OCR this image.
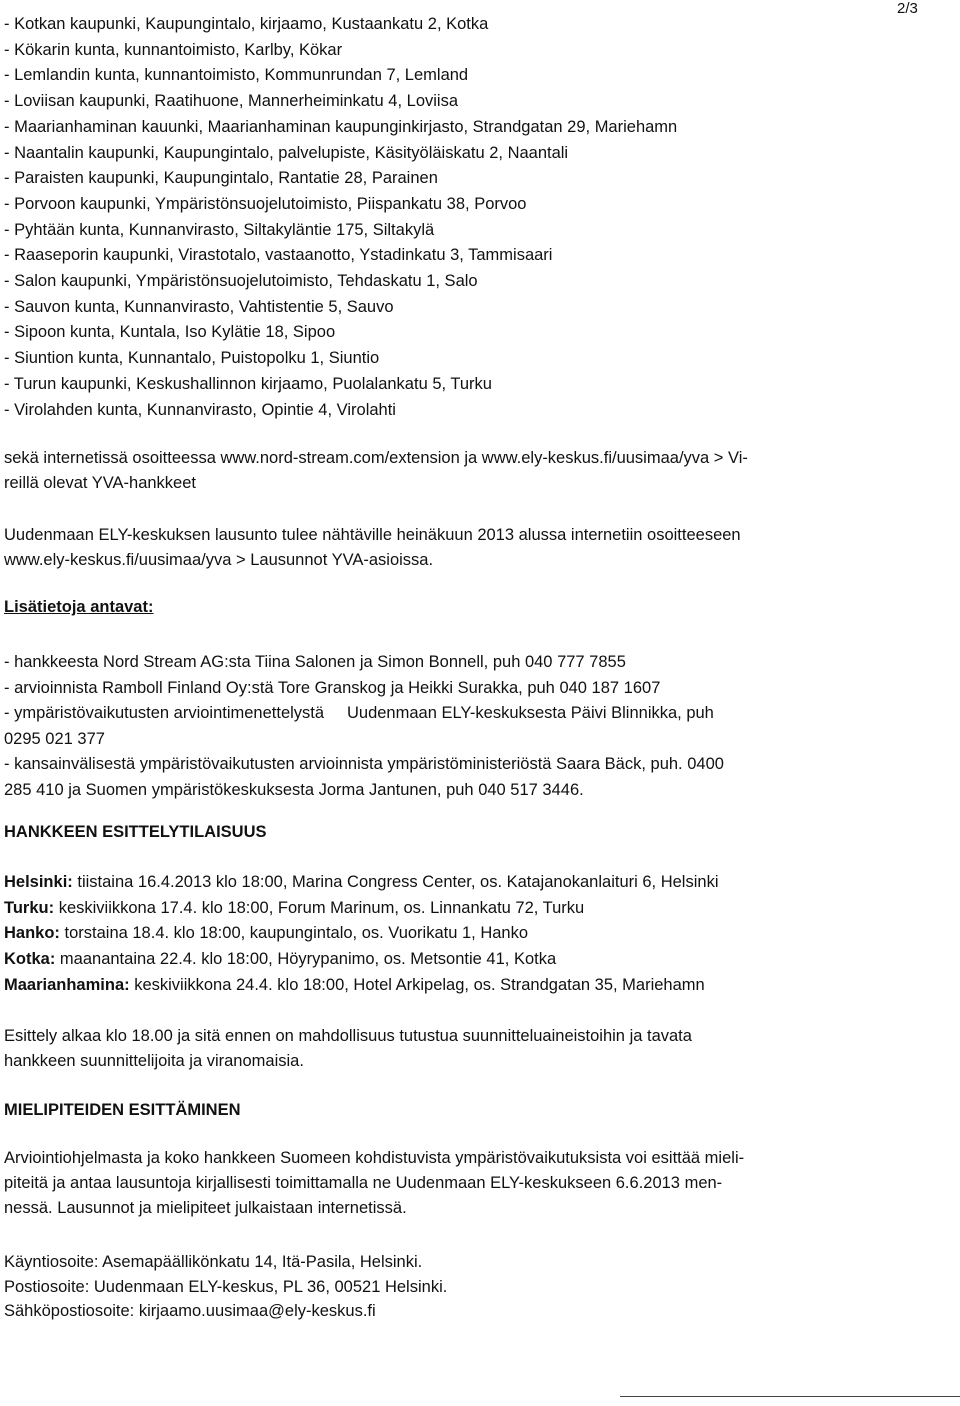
2/3
- Kotkan kaupunki, Kaupungintalo, kirjaamo, Kustaankatu 2, Kotka
- Kökarin kunta, kunnantoimisto, Karlby, Kökar
- Lemlandin kunta, kunnantoimisto, Kommunrundan 7, Lemland
- Loviisan kaupunki, Raatihuone, Mannerheiminkatu 4, Loviisa
- Maarianhaminan kauunki, Maarianhaminan kaupunginkirjasto, Strandgatan 29, Mariehamn
- Naantalin kaupunki, Kaupungintalo, palvelupiste, Käsityöläiskatu 2, Naantali
- Paraisten kaupunki, Kaupungintalo, Rantatie 28, Parainen
- Porvoon kaupunki, Ympäristönsuojelutoimisto, Piispankatu 38, Porvoo
- Pyhtään kunta, Kunnanvirasto, Siltakyläntie 175, Siltakylä
- Raaseporin kaupunki, Virastotalo, vastaanotto, Ystadinkatu 3, Tammisaari
- Salon kaupunki, Ympäristönsuojelutoimisto, Tehdaskatu 1, Salo
- Sauvon kunta, Kunnanvirasto, Vahtistentie 5, Sauvo
- Sipoon kunta, Kuntala, Iso Kylätie 18, Sipoo
- Siuntion kunta, Kunnantalo, Puistopolku 1, Siuntio
- Turun kaupunki, Keskushallinnon kirjaamo, Puolalankatu 5, Turku
- Virolahden kunta, Kunnanvirasto, Opintie 4, Virolahti
sekä internetissä osoitteessa www.nord-stream.com/extension ja www.ely-keskus.fi/uusimaa/yva > Vi-
reillä olevat YVA-hankkeet
Uudenmaan ELY-keskuksen lausunto tulee nähtäville heinäkuun 2013 alussa internetiin osoitteeseen
www.ely-keskus.fi/uusimaa/yva > Lausunnot YVA-asioissa.
Lisätietoja antavat:
- hankkeesta Nord Stream AG:sta Tiina Salonen ja Simon Bonnell, puh 040 777 7855
- arvioinnista Ramboll Finland Oy:stä Tore Granskog ja Heikki Surakka, puh 040 187 1607
- ympäristövaikutusten arviointimenettelystä Uudenmaan ELY-keskuksesta Päivi Blinnikka, puh
0295 021 377
- kansainvälisestä ympäristövaikutusten arvioinnista ympäristöministeriöstä Saara Bäck, puh. 0400
285 410 ja Suomen ympäristökeskuksesta Jorma Jantunen, puh 040 517 3446.
HANKKEEN ESITTELYTILAISUUS
Helsinki: tiistaina 16.4.2013 klo 18:00, Marina Congress Center, os. Katajanokanlaituri 6, Helsinki
Turku: keskiviikkona 17.4. klo 18:00, Forum Marinum, os. Linnankatu 72, Turku
Hanko: torstaina 18.4. klo 18:00, kaupungintalo, os. Vuorikatu 1, Hanko
Kotka: maanantaina 22.4. klo 18:00, Höyrypanimo, os. Metsontie 41, Kotka
Maarianhamina: keskiviikkona 24.4. klo 18:00, Hotel Arkipelag, os. Strandgatan 35, Mariehamn
Esittely alkaa klo 18.00 ja sitä ennen on mahdollisuus tutustua suunnitteluaineistoihin ja tavata
hankkeen suunnittelijoita ja viranomaisia.
MIELIPITEIDEN ESITTÄMINEN
Arviointiohjelmasta ja koko hankkeen Suomeen kohdistuvista ympäristövaikutuksista voi esittää mieli-
piteitä ja antaa lausuntoja kirjallisesti toimittamalla ne Uudenmaan ELY-keskukseen 6.6.2013 men-
nessä. Lausunnot ja mielipiteet julkaistaan internetissä.
Käyntiosoite: Asemapäällikönkatu 14, Itä-Pasila, Helsinki.
Postiosoite: Uudenmaan ELY-keskus, PL 36, 00521 Helsinki.
Sähköpostiosoite: kirjaamo.uusimaa@ely-keskus.fi
